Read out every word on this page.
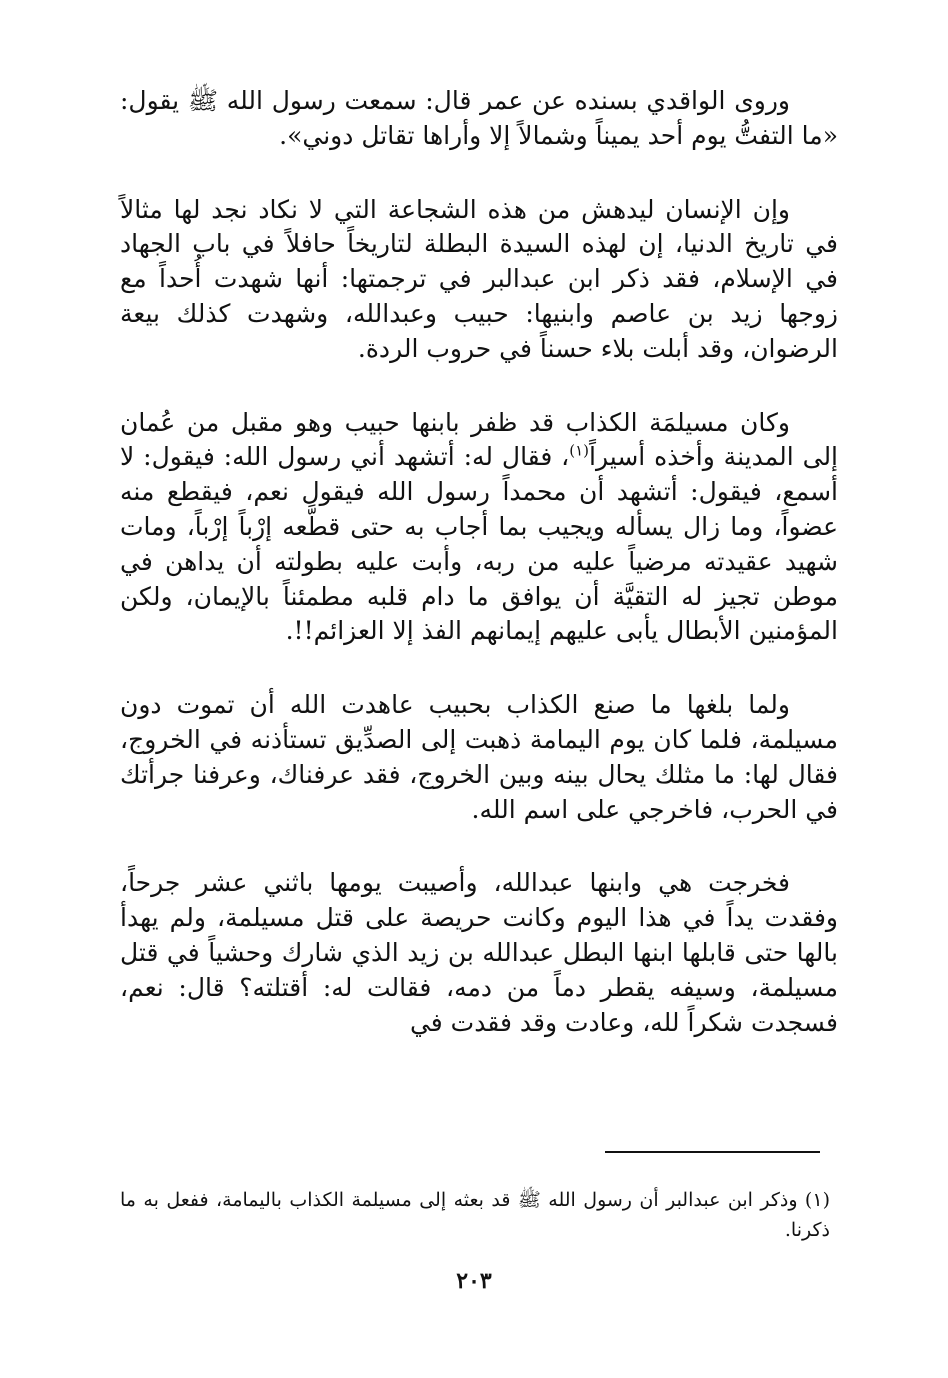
وروى الواقدي بسنده عن عمر قال: سمعت رسول الله ﷺ يقول: «ما التفتُّ يوم أحد يميناً وشمالاً إلا وأراها تقاتل دوني».

وإن الإنسان ليدهش من هذه الشجاعة التي لا نكاد نجد لها مثالاً في تاريخ الدنيا، إن لهذه السيدة البطلة لتاريخاً حافلاً في باب الجهاد في الإسلام، فقد ذكر ابن عبدالبر في ترجمتها: أنها شهدت أُحداً مع زوجها زيد بن عاصم وابنيها: حبيب وعبدالله، وشهدت كذلك بيعة الرضوان، وقد أبلت بلاء حسناً في حروب الردة.

وكان مسيلمَة الكذاب قد ظفر بابنها حبيب وهو مقبل من عُمان إلى المدينة وأخذه أسيراً$^{(١)}$، فقال له: أتشهد أني رسول الله: فيقول: لا أسمع، فيقول: أتشهد أن محمداً رسول الله فيقول نعم، فيقطع منه عضواً، وما زال يسأله ويجيب بما أجاب به حتى قطَّعه إرْباً إرْباً، ومات شهيد عقيدته مرضياً عليه من ربه، وأبت عليه بطولته أن يداهن في موطن تجيز له التقيَّة أن يوافق ما دام قلبه مطمئناً بالإيمان، ولكن المؤمنين الأبطال يأبى عليهم إيمانهم الفذ إلا العزائم!!.

ولما بلغها ما صنع الكذاب بحبيب عاهدت الله أن تموت دون مسيلمة، فلما كان يوم اليمامة ذهبت إلى الصدِّيق تستأذنه في الخروج، فقال لها: ما مثلك يحال بينه وبين الخروج، فقد عرفناك، وعرفنا جرأتك في الحرب، فاخرجي على اسم الله.

فخرجت هي وابنها عبدالله، وأصيبت يومها باثني عشر جرحاً، وفقدت يداً في هذا اليوم وكانت حريصة على قتل مسيلمة، ولم يهدأ بالها حتى قابلها ابنها البطل عبدالله بن زيد الذي شارك وحشياً في قتل مسيلمة، وسيفه يقطر دماً من دمه، فقالت له: أقتلته؟ قال: نعم، فسجدت شكراً لله، وعادت وقد فقدت في

(١) وذكر ابن عبدالبر أن رسول الله ﷺ قد بعثه إلى مسيلمة الكذاب باليمامة، ففعل به ما ذكرنا.

٢٠٣
